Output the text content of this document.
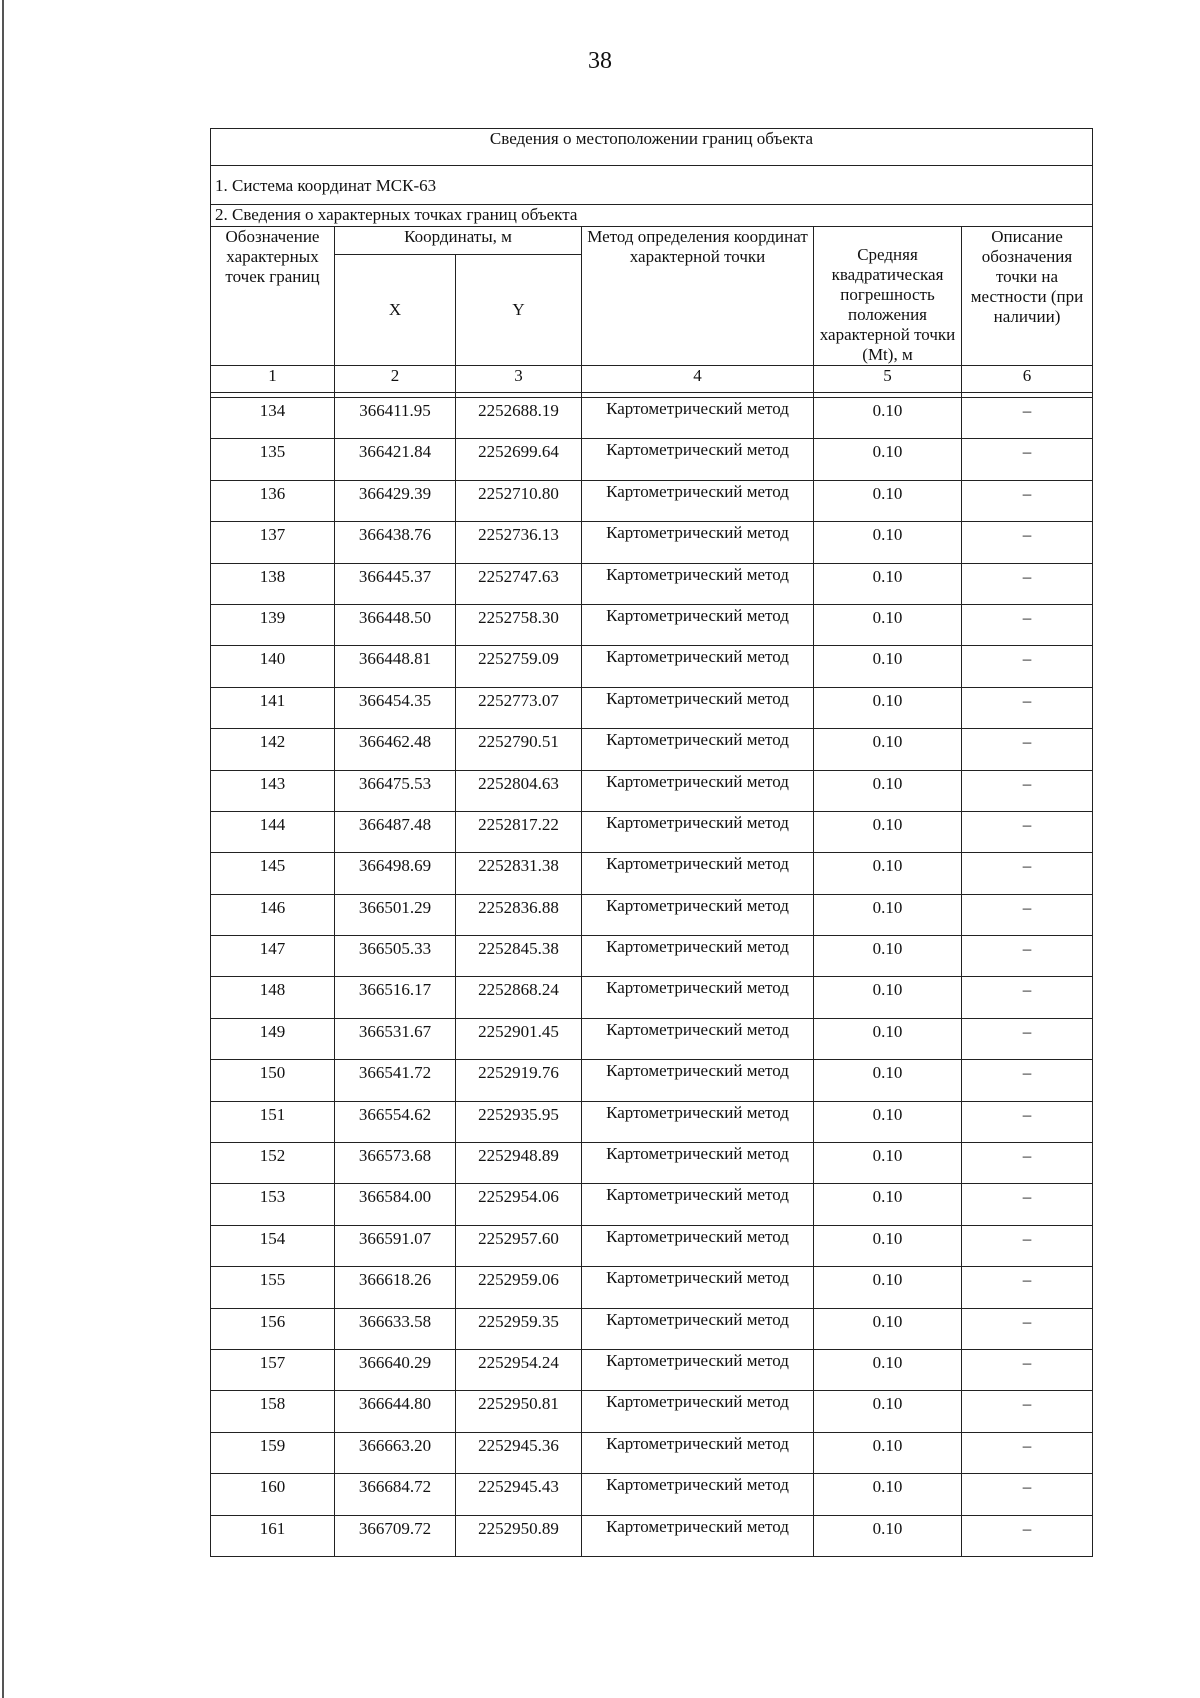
38
Сведения о местоположении границ объекта					
1. Система координат МСК-63					
2. Сведения о характерных точках границ объекта					
Обозначение характерных точек границ	Координаты, м		Метод определения координат характерной точки	Средняя квадратическая погрешность положения характерной точки (Mt), м	Описание обозначения точки на местности (при наличии)
	X	Y			
1	2	3	4	5	6

134	366411.95	2252688.19	Картометрический метод	0.10	–
135	366421.84	2252699.64	Картометрический метод	0.10	–
136	366429.39	2252710.80	Картометрический метод	0.10	–
137	366438.76	2252736.13	Картометрический метод	0.10	–
138	366445.37	2252747.63	Картометрический метод	0.10	–
139	366448.50	2252758.30	Картометрический метод	0.10	–
140	366448.81	2252759.09	Картометрический метод	0.10	–
141	366454.35	2252773.07	Картометрический метод	0.10	–
142	366462.48	2252790.51	Картометрический метод	0.10	–
143	366475.53	2252804.63	Картометрический метод	0.10	–
144	366487.48	2252817.22	Картометрический метод	0.10	–
145	366498.69	2252831.38	Картометрический метод	0.10	–
146	366501.29	2252836.88	Картометрический метод	0.10	–
147	366505.33	2252845.38	Картометрический метод	0.10	–
148	366516.17	2252868.24	Картометрический метод	0.10	–
149	366531.67	2252901.45	Картометрический метод	0.10	–
150	366541.72	2252919.76	Картометрический метод	0.10	–
151	366554.62	2252935.95	Картометрический метод	0.10	–
152	366573.68	2252948.89	Картометрический метод	0.10	–
153	366584.00	2252954.06	Картометрический метод	0.10	–
154	366591.07	2252957.60	Картометрический метод	0.10	–
155	366618.26	2252959.06	Картометрический метод	0.10	–
156	366633.58	2252959.35	Картометрический метод	0.10	–
157	366640.29	2252954.24	Картометрический метод	0.10	–
158	366644.80	2252950.81	Картометрический метод	0.10	–
159	366663.20	2252945.36	Картометрический метод	0.10	–
160	366684.72	2252945.43	Картометрический метод	0.10	–
161	366709.72	2252950.89	Картометрический метод	0.10	–
